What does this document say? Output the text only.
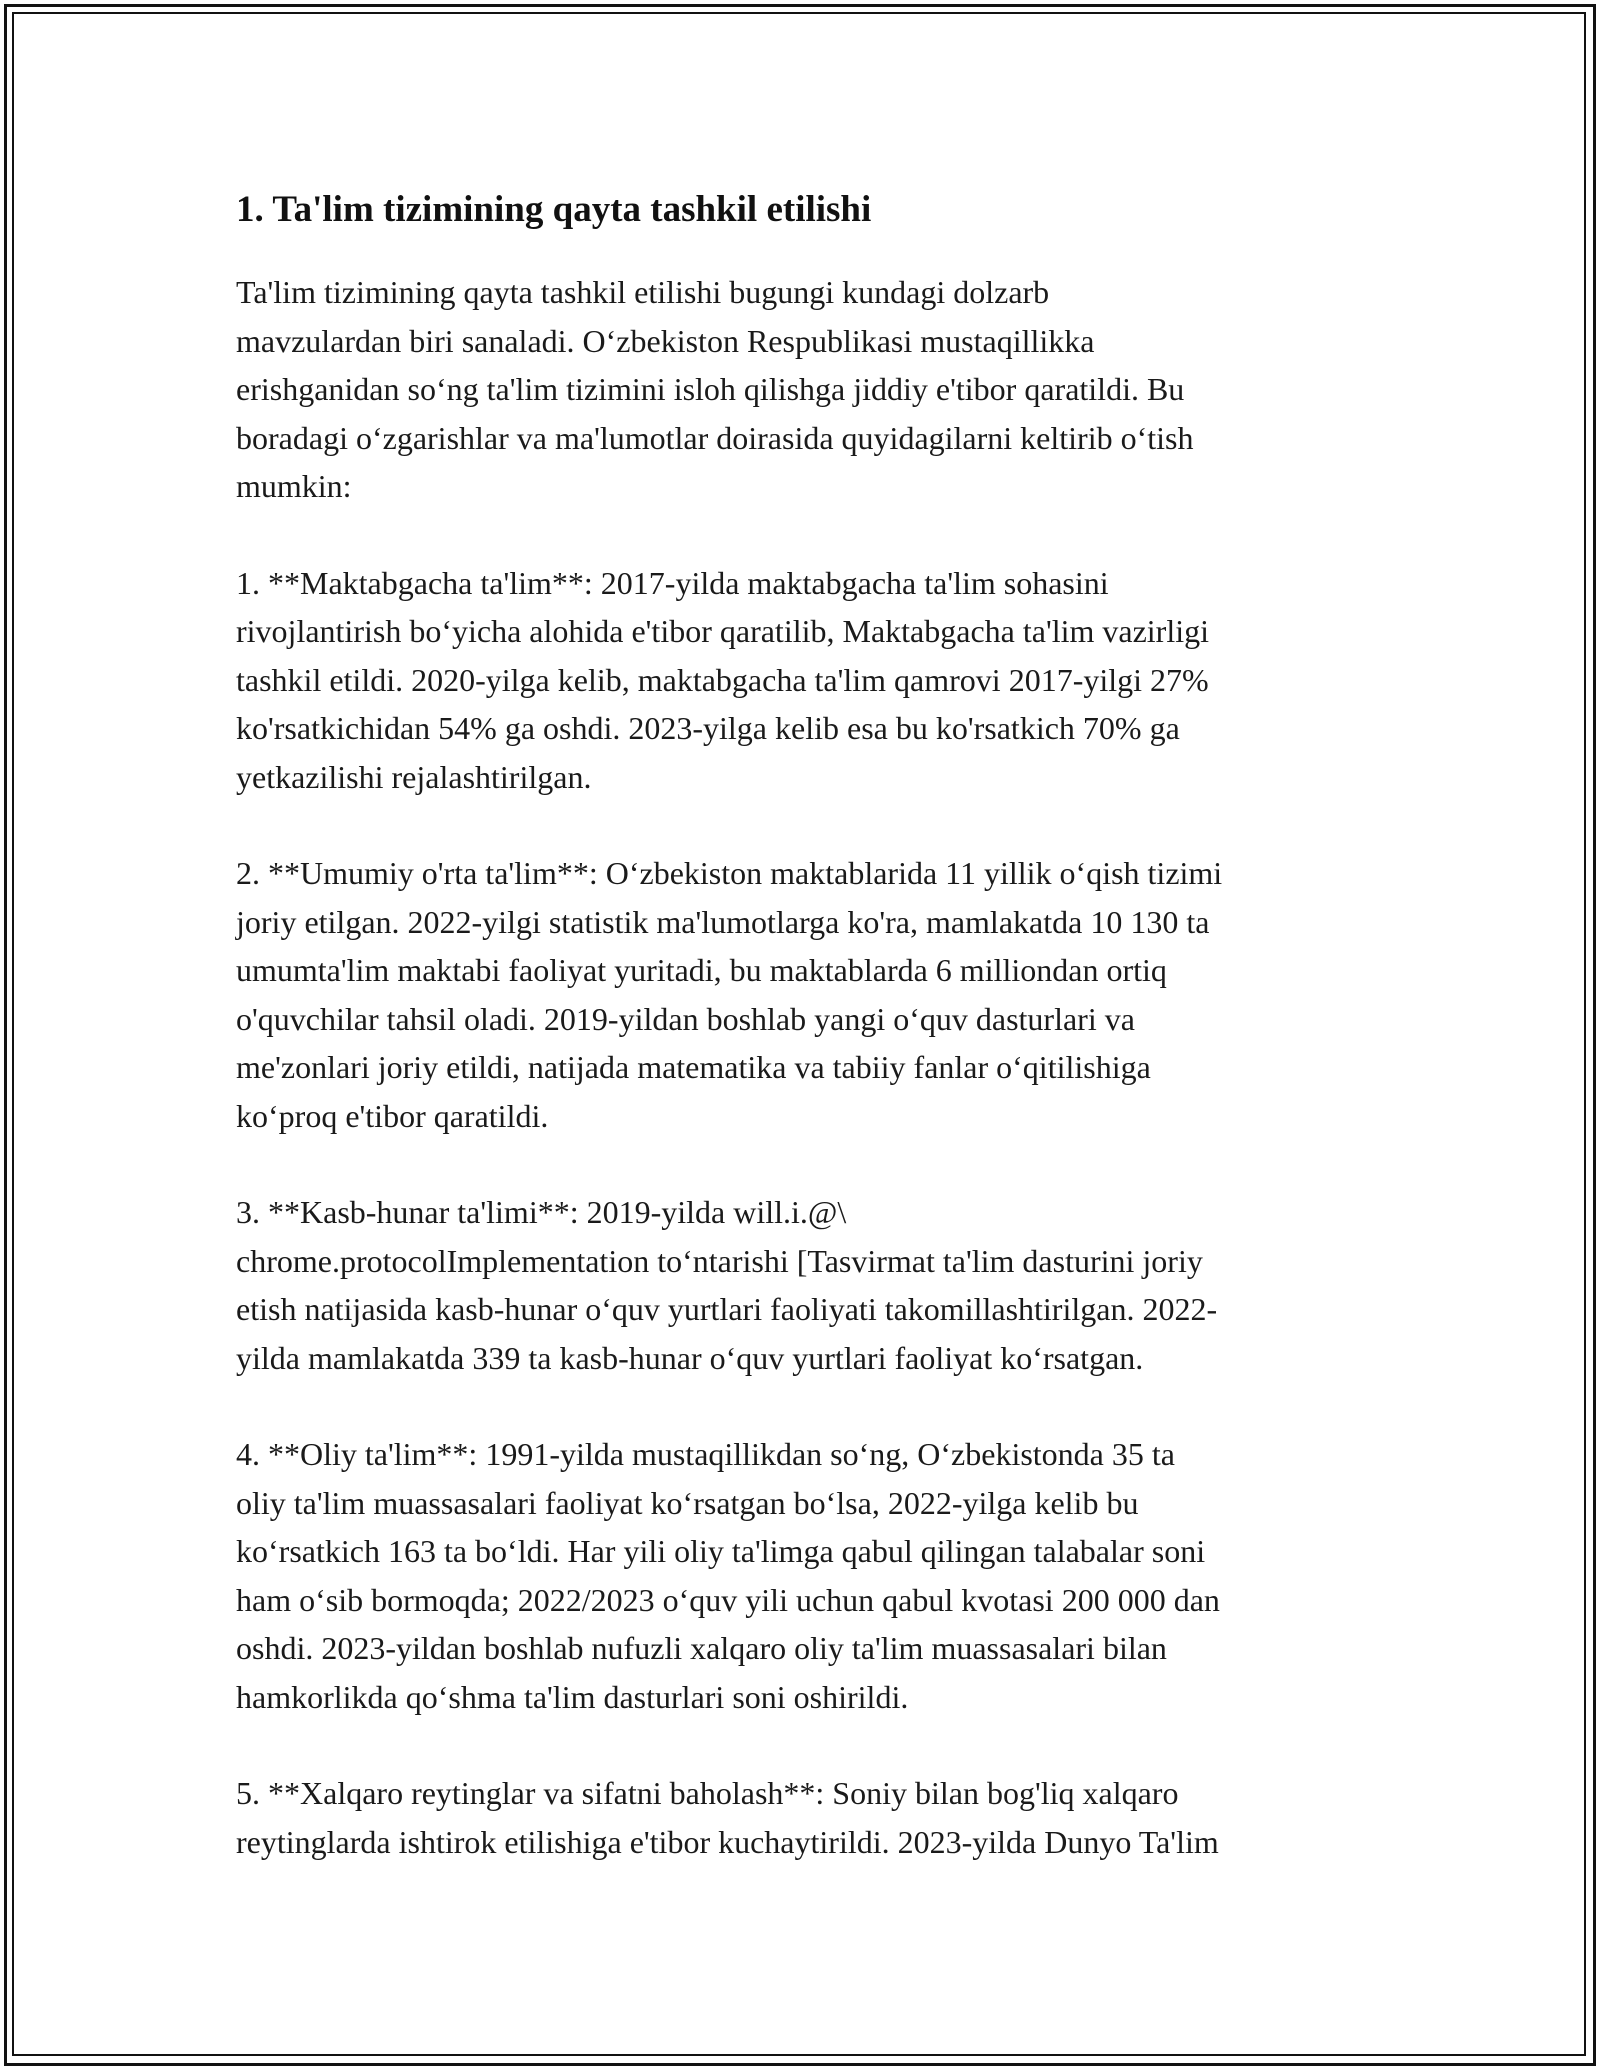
1. Ta'lim tizimining qayta tashkil etilishi

Ta'lim tizimining qayta tashkil etilishi bugungi kundagi dolzarb
mavzulardan biri sanaladi. O‘zbekiston Respublikasi mustaqillikka
erishganidan so‘ng ta'lim tizimini isloh qilishga jiddiy e'tibor qaratildi. Bu
boradagi o‘zgarishlar va ma'lumotlar doirasida quyidagilarni keltirib o‘tish
mumkin:

1. **Maktabgacha ta'lim**: 2017-yilda maktabgacha ta'lim sohasini
rivojlantirish bo‘yicha alohida e'tibor qaratilib, Maktabgacha ta'lim vazirligi
tashkil etildi. 2020-yilga kelib, maktabgacha ta'lim qamrovi 2017-yilgi 27%
ko'rsatkichidan 54% ga oshdi. 2023-yilga kelib esa bu ko'rsatkich 70% ga
yetkazilishi rejalashtirilgan.

2. **Umumiy o'rta ta'lim**: O‘zbekiston maktablarida 11 yillik o‘qish tizimi
joriy etilgan. 2022-yilgi statistik ma'lumotlarga ko'ra, mamlakatda 10 130 ta
umumta'lim maktabi faoliyat yuritadi, bu maktablarda 6 milliondan ortiq
o'quvchilar tahsil oladi. 2019-yildan boshlab yangi o‘quv dasturlari va
me'zonlari joriy etildi, natijada matematika va tabiiy fanlar o‘qitilishiga
ko‘proq e'tibor qaratildi.

3. **Kasb-hunar ta'limi**: 2019-yilda will.i.@\
chrome.protocolImplementation to‘ntarishi [Tasvirmat ta'lim dasturini joriy
etish natijasida kasb-hunar o‘quv yurtlari faoliyati takomillashtirilgan. 2022-
yilda mamlakatda 339 ta kasb-hunar o‘quv yurtlari faoliyat ko‘rsatgan.

4. **Oliy ta'lim**: 1991-yilda mustaqillikdan so‘ng, O‘zbekistonda 35 ta
oliy ta'lim muassasalari faoliyat ko‘rsatgan bo‘lsa, 2022-yilga kelib bu
ko‘rsatkich 163 ta bo‘ldi. Har yili oliy ta'limga qabul qilingan talabalar soni
ham o‘sib bormoqda; 2022/2023 o‘quv yili uchun qabul kvotasi 200 000 dan
oshdi. 2023-yildan boshlab nufuzli xalqaro oliy ta'lim muassasalari bilan
hamkorlikda qo‘shma ta'lim dasturlari soni oshirildi.

5. **Xalqaro reytinglar va sifatni baholash**: Soniy bilan bog'liq xalqaro
reytinglarda ishtirok etilishiga e'tibor kuchaytirildi. 2023-yilda Dunyo Ta'lim
